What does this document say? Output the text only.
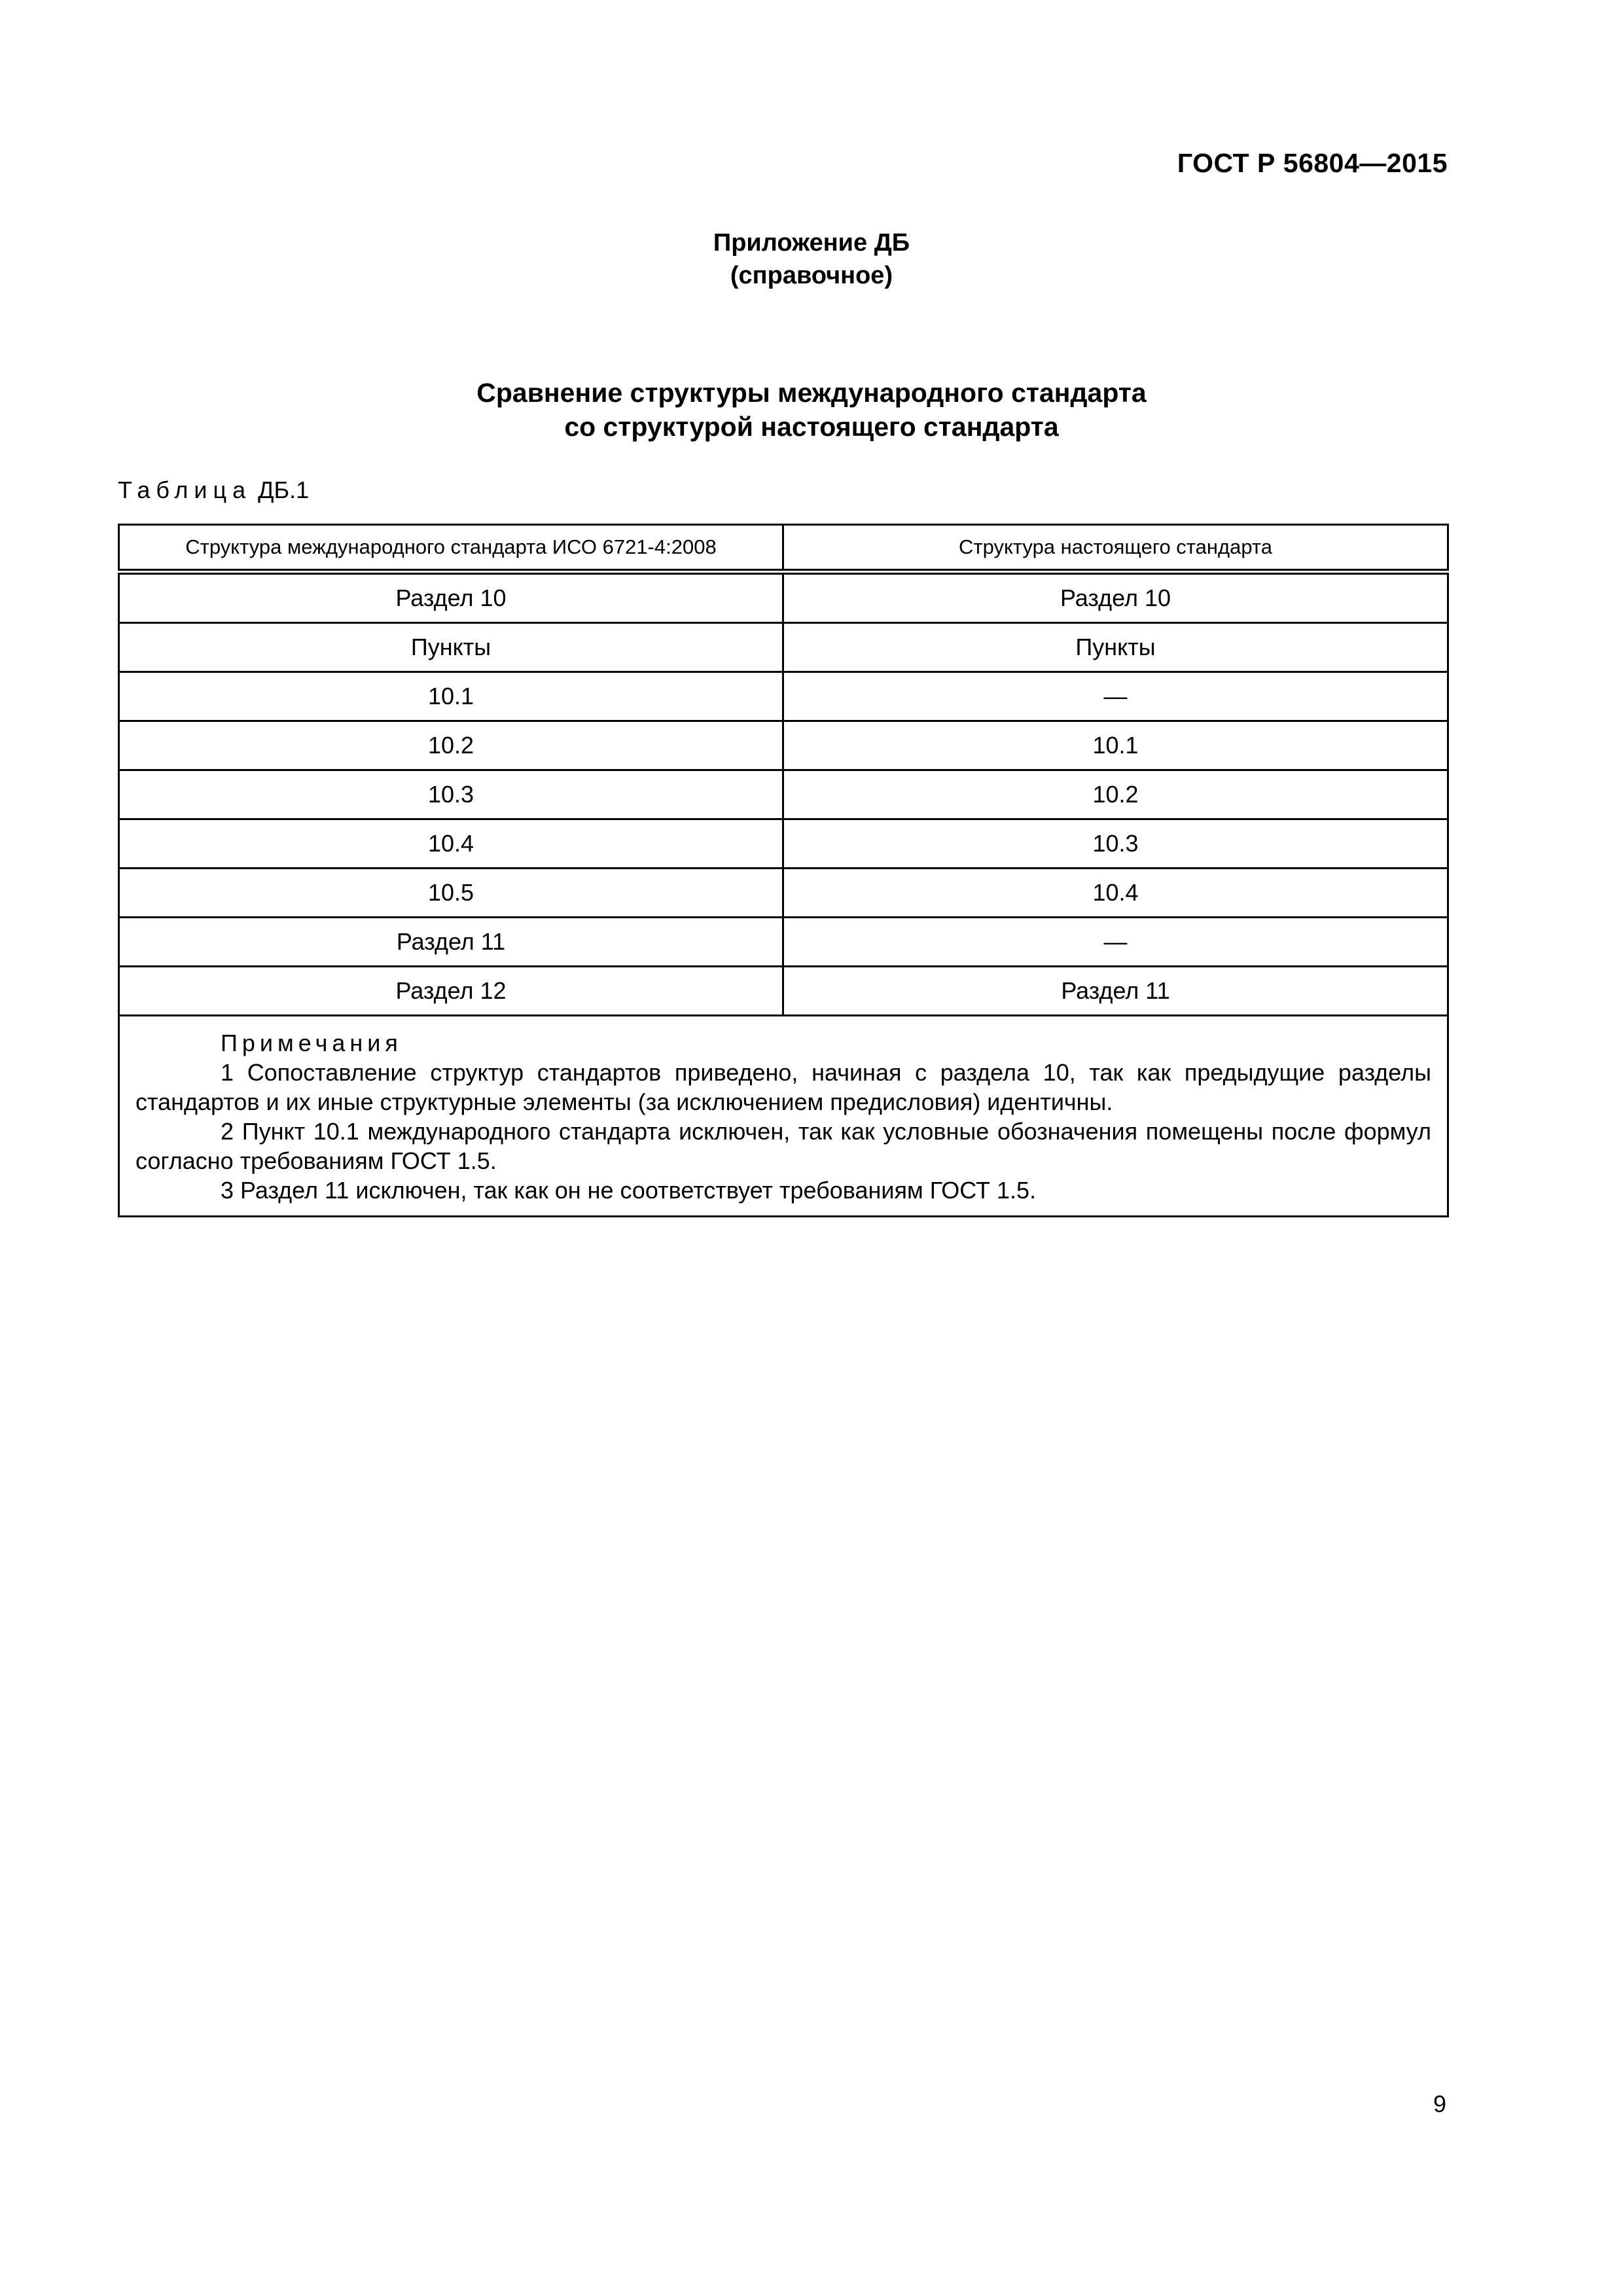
ГОСТ Р 56804—2015
Приложение ДБ
(справочное)
Сравнение структуры международного стандарта
со структурой настоящего стандарта
Таблица ДБ.1
Структура международного стандарта ИСО 6721-4:2008	Структура настоящего стандарта
Раздел 10	Раздел 10
Пункты	Пункты
10.1	—
10.2	10.1
10.3	10.2
10.4	10.3
10.5	10.4
Раздел 11	—
Раздел 12	Раздел 11

Примечания
1 Сопоставление структур стандартов приведено, начиная с раздела 10, так как предыдущие разделы стандартов и их иные структурные элементы (за исключением предисловия) идентичны.
2 Пункт 10.1 международного стандарта исключен, так как условные обозначения помещены после формул согласно требованиям ГОСТ 1.5.
3 Раздел 11 исключен, так как он не соответствует требованиям ГОСТ 1.5.	
9
